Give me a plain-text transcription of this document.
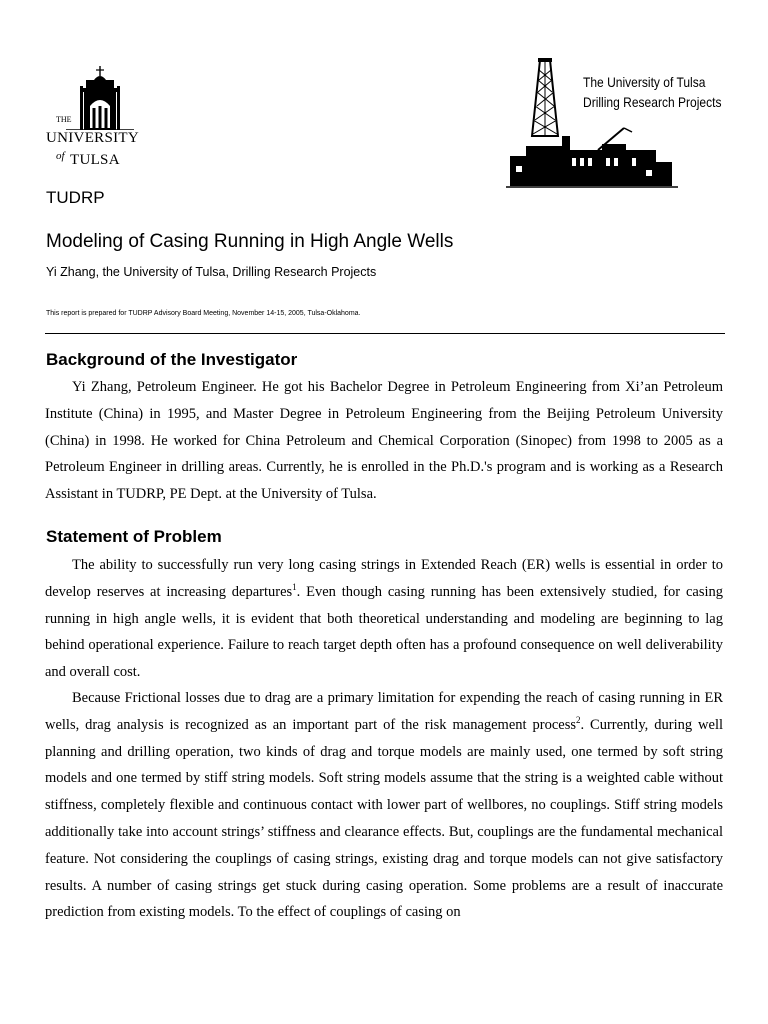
THE
UNIVERSITY
of TULSA
The University of Tulsa
Drilling Research Projects
TUDRP
Modeling of Casing Running in High Angle Wells
Yi Zhang, the University of Tulsa, Drilling Research Projects
This report is prepared for TUDRP Advisory Board Meeting, November 14-15, 2005, Tulsa-Oklahoma.
Background of the Investigator

Yi Zhang, Petroleum Engineer. He got his Bachelor Degree in Petroleum Engineering from Xi’an Petroleum Institute (China) in 1995, and Master Degree in Petroleum Engineering from the Beijing Petroleum University (China) in 1998. He worked for China Petroleum and Chemical Corporation (Sinopec) from 1998 to 2005 as a Petroleum Engineer in drilling areas. Currently, he is enrolled in the Ph.D.'s program and is working as a Research Assistant in TUDRP, PE Dept. at the University of Tulsa.

Statement of Problem

The ability to successfully run very long casing strings in Extended Reach (ER) wells is essential in order to develop reserves at increasing departures$^1$. Even though casing running has been extensively studied, for casing running in high angle wells, it is evident that both theoretical understanding and modeling are beginning to lag behind operational experience. Failure to reach target depth often has a profound consequence on well deliverability and overall cost.

Because Frictional losses due to drag are a primary limitation for expending the reach of casing running in ER wells, drag analysis is recognized as an important part of the risk management process$^2$. Currently, during well planning and drilling operation, two kinds of drag and torque models are mainly used, one termed by soft string models and one termed by stiff string models. Soft string models assume that the string is a weighted cable without stiffness, completely flexible and continuous contact with lower part of wellbores, no couplings. Stiff string models additionally take into account strings’ stiffness and clearance effects. But, couplings are the fundamental mechanical feature. Not considering the couplings of casing strings, existing drag and torque models can not give satisfactory results. A number of casing strings get stuck during casing operation. Some problems are a result of inaccurate prediction from existing models. To the effect of couplings of casing on
